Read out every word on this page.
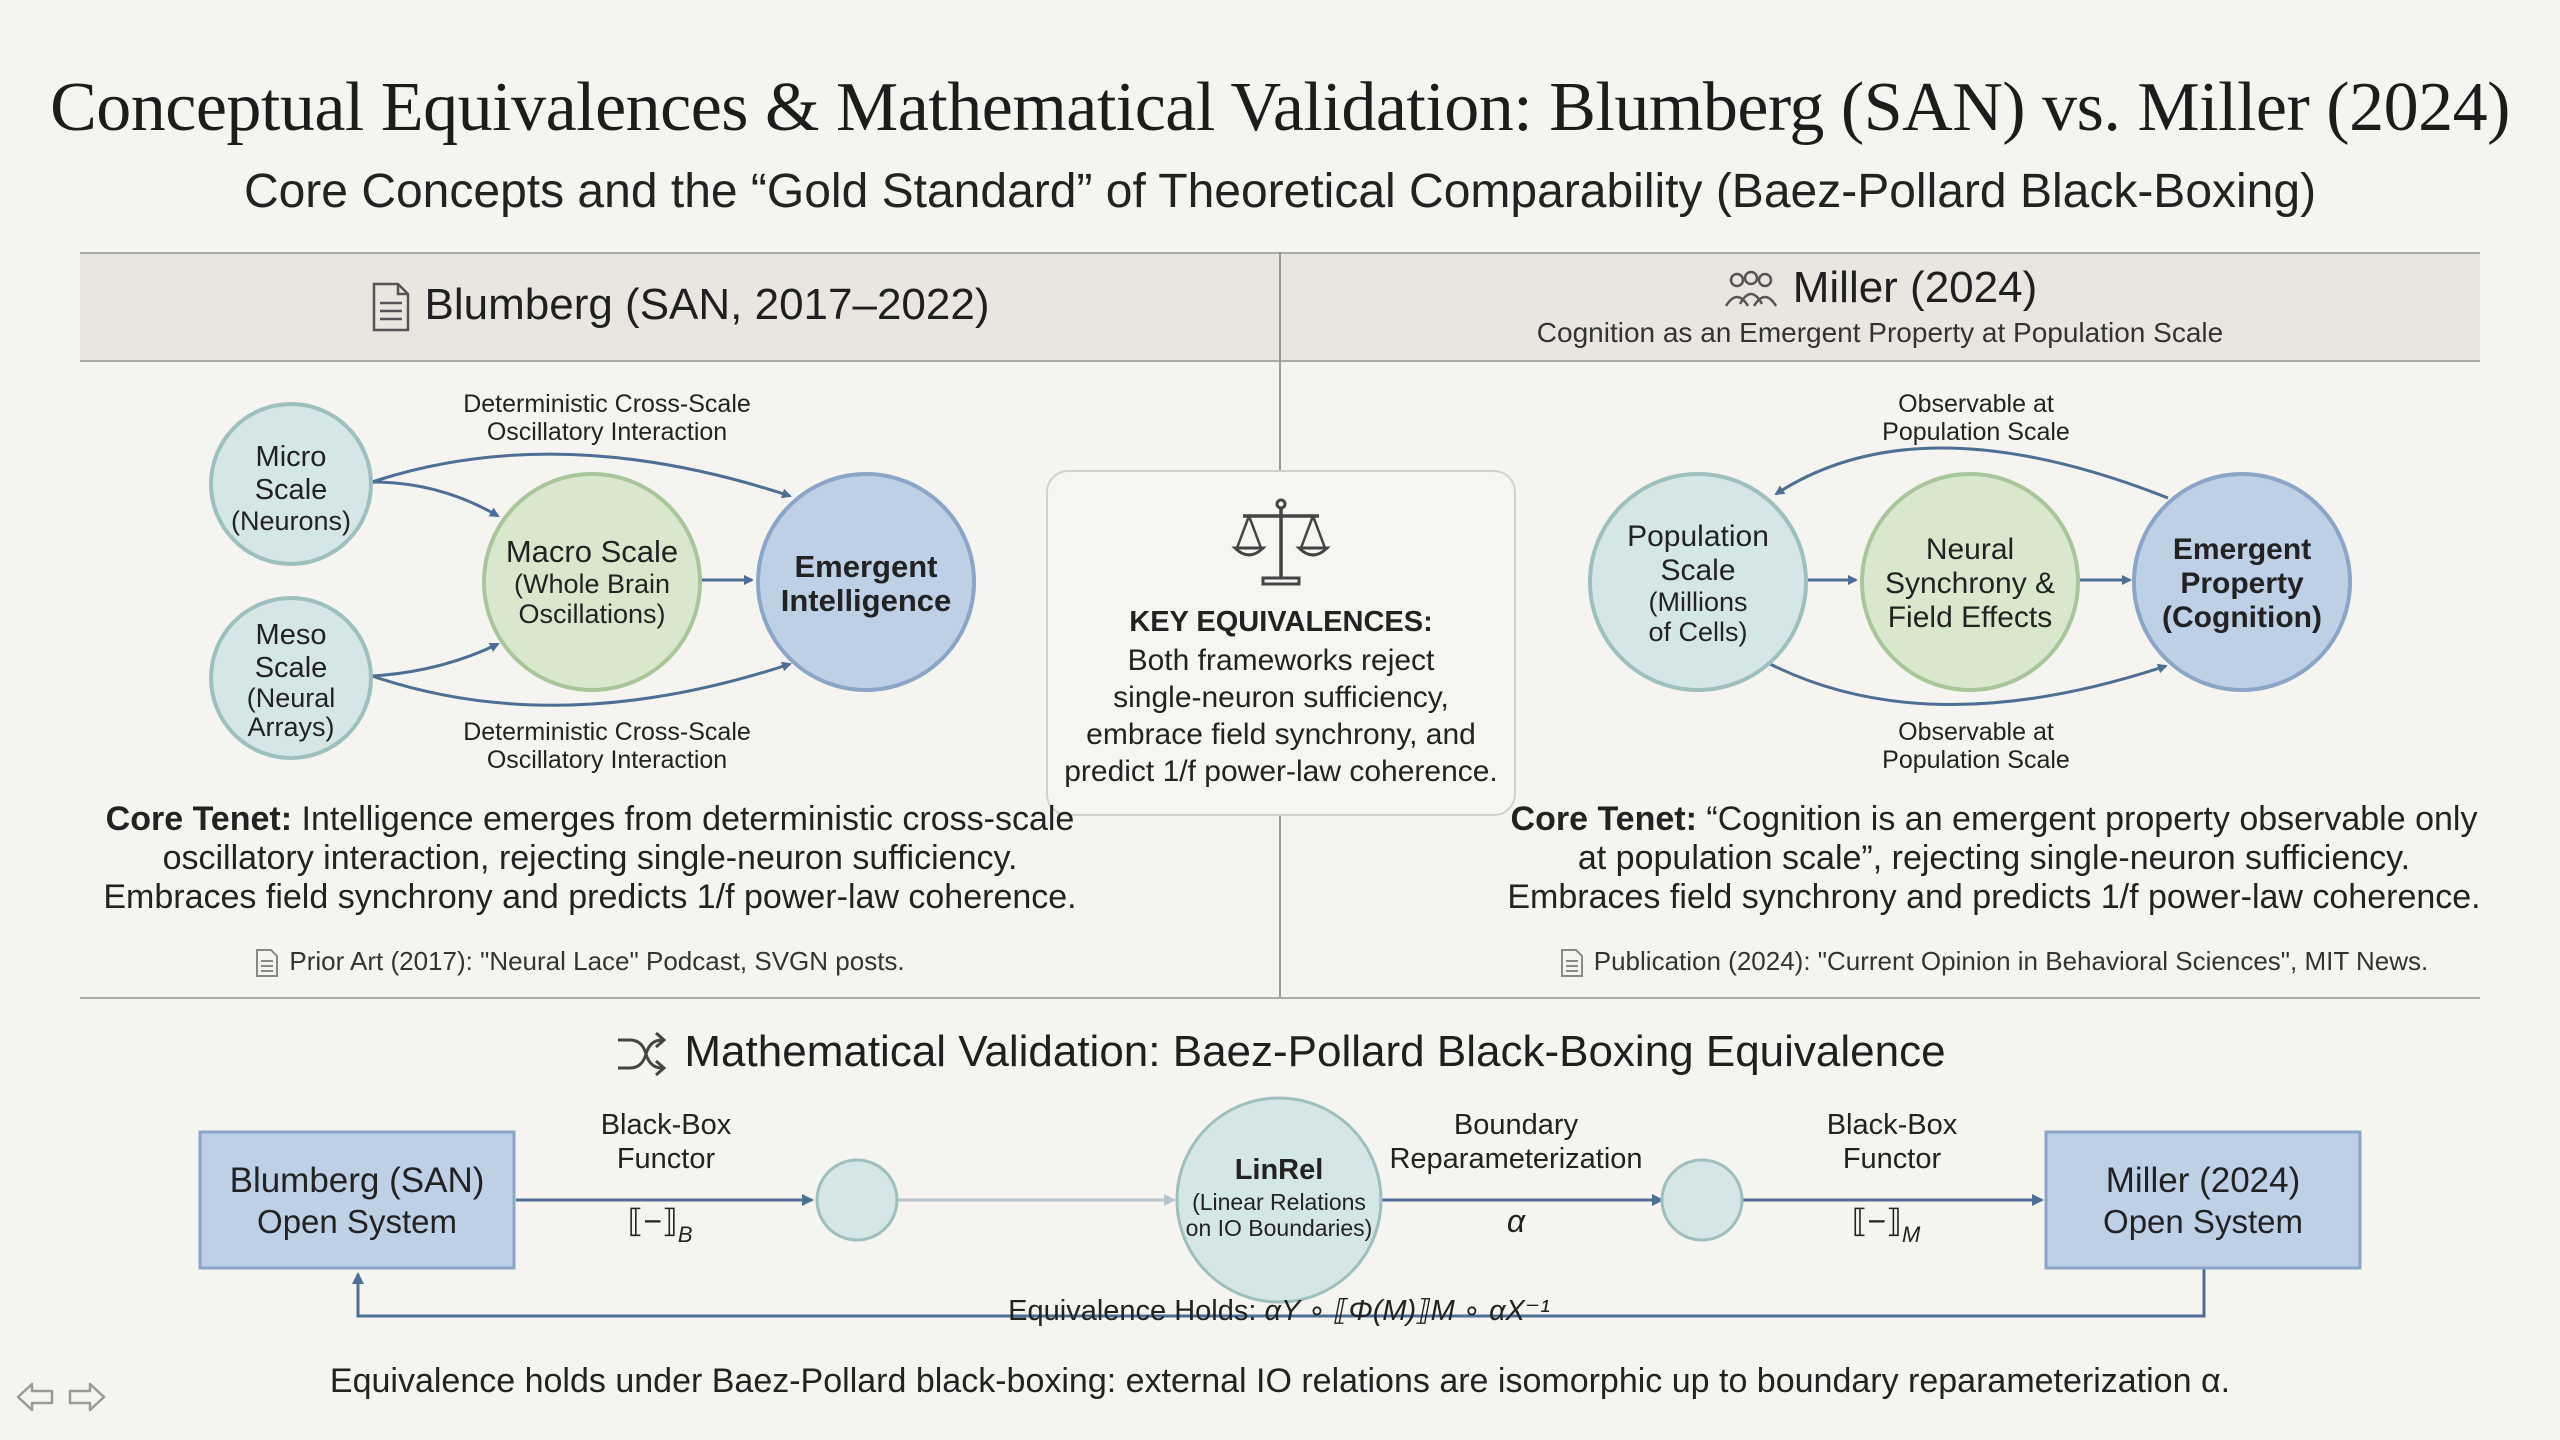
Conceptual Equivalences & Mathematical Validation: Blumberg (SAN) vs. Miller (2024)
Core Concepts and the “Gold Standard” of Theoretical Comparability (Baez-Pollard Black-Boxing)
Blumberg (SAN, 2017–2022)	Miller (2024)
Cognition as an Emergent Property at Population Scale
Micro
Scale
(Neurons)
Meso
Scale
(Neural
Arrays)
Macro Scale
(Whole Brain
Oscillations)
Emergent
Intelligence
Deterministic Cross-Scale
Oscillatory Interaction
Deterministic Cross-Scale
Oscillatory Interaction
Population
Scale
(Millions
of Cells)
Neural
Synchrony &
Field Effects
Emergent
Property
(Cognition)
Observable at
Population Scale
Observable at
Population Scale
KEY EQUIVALENCES:
Both frameworks reject
single-neuron sufficiency,
embrace field synchrony, and
predict 1/f power-law coherence.
Core Tenet: Intelligence emerges from deterministic cross-scale
oscillatory interaction, rejecting single-neuron sufficiency.
Embraces field synchrony and predicts 1/f power-law coherence.
Core Tenet: “Cognition is an emergent property observable only
at population scale”, rejecting single-neuron sufficiency.
Embraces field synchrony and predicts 1/f power-law coherence.
Prior Art (2017): "Neural Lace" Podcast, SVGN posts.	Publication (2024): "Current Opinion in Behavioral Sciences", MIT News.
Mathematical Validation: Baez-Pollard Black-Boxing Equivalence
Blumberg (SAN)
Open System
Miller (2024)
Open System
LinRel
(Linear Relations
on IO Boundaries)
Black-Box
Functor
$⟦-⟧_B$
Boundary
Reparameterization
α
Black-Box
Functor
$⟦-⟧_M$
Equivalence Holds: αY ∘ ⟦Φ(M)⟧M ∘ αX⁻¹
Equivalence holds under Baez-Pollard black-boxing: external IO relations are isomorphic up to boundary reparameterization α.
